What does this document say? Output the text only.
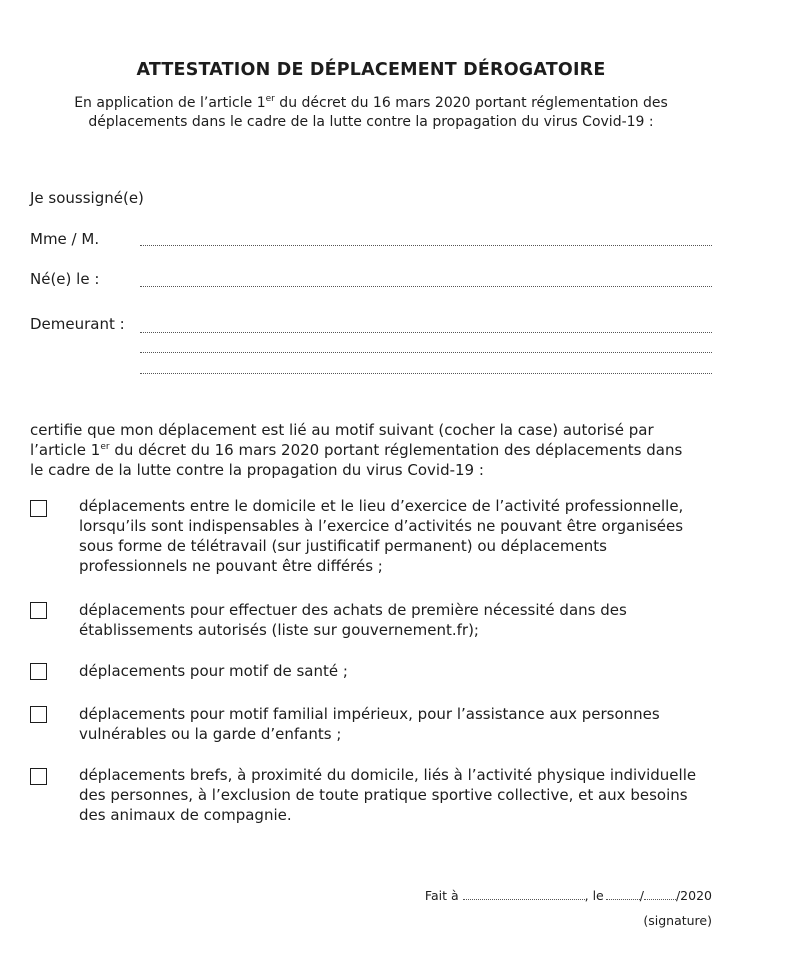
ATTESTATION DE DÉPLACEMENT DÉROGATOIRE

En application de l’article 1er du décret du 16 mars 2020 portant réglementation des

déplacements dans le cadre de la lutte contre la propagation du virus Covid-19 :

Je soussigné(e)
Mme / M.
Né(e) le :
Demeurant :

certifie que mon déplacement est lié au motif suivant (cocher la case) autorisé par

l’article 1er du décret du 16 mars 2020 portant réglementation des déplacements dans

le cadre de la lutte contre la propagation du virus Covid-19 :

déplacements entre le domicile et le lieu d’exercice de l’activité professionnelle,

lorsqu’ils sont indispensables à l’exercice d’activités ne pouvant être organisées

sous forme de télétravail (sur justificatif permanent) ou déplacements

professionnels ne pouvant être différés ;

déplacements pour effectuer des achats de première nécessité dans des

établissements autorisés (liste sur gouvernement.fr);

déplacements pour motif de santé ;

déplacements pour motif familial impérieux, pour l’assistance aux personnes

vulnérables ou la garde d’enfants ;

déplacements brefs, à proximité du domicile, liés à l’activité physique individuelle

des personnes, à l’exclusion de toute pratique sportive collective, et aux besoins

des animaux de compagnie.

Fait à	, le	/	/2020
(signature)
